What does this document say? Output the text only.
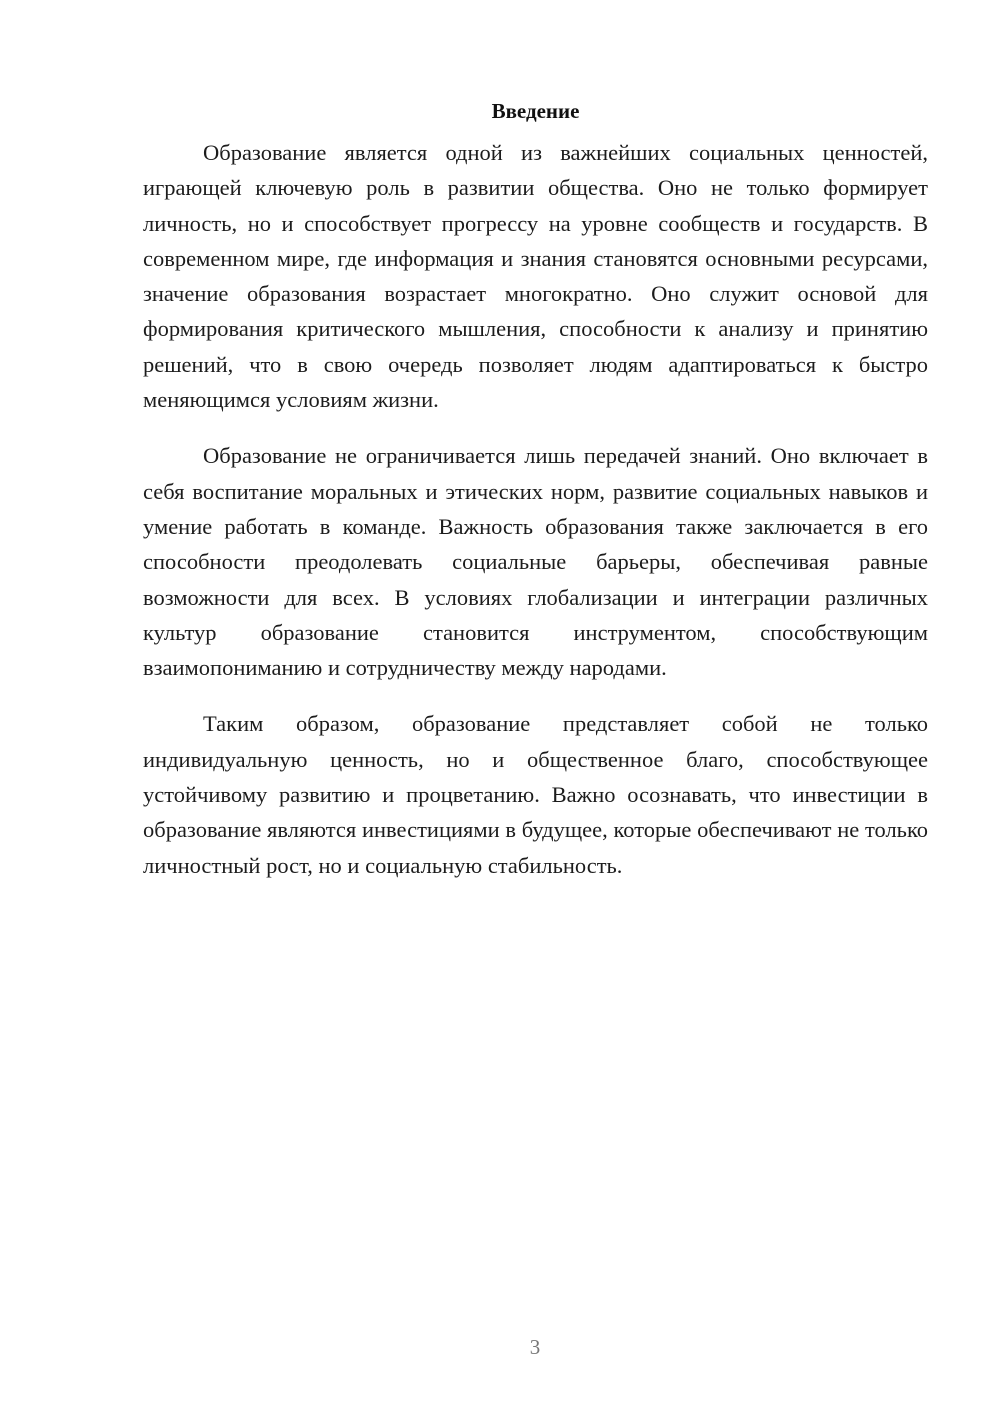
Введение

Образование является одной из важнейших социальных ценностей, играющей ключевую роль в развитии общества. Оно не только формирует личность, но и способствует прогрессу на уровне сообществ и государств. В современном мире, где информация и знания становятся основными ресурсами, значение образования возрастает многократно. Оно служит основой для формирования критического мышления, способности к анализу и принятию решений, что в свою очередь позволяет людям адаптироваться к быстро меняющимся условиям жизни.

Образование не ограничивается лишь передачей знаний. Оно включает в себя воспитание моральных и этических норм, развитие социальных навыков и умение работать в команде. Важность образования также заключается в его способности преодолевать социальные барьеры, обеспечивая равные возможности для всех. В условиях глобализации и интеграции различных культур образование становится инструментом, способствующим взаимопониманию и сотрудничеству между народами.

Таким образом, образование представляет собой не только индивидуальную ценность, но и общественное благо, способствующее устойчивому развитию и процветанию. Важно осознавать, что инвестиции в образование являются инвестициями в будущее, которые обеспечивают не только личностный рост, но и социальную стабильность.

3
